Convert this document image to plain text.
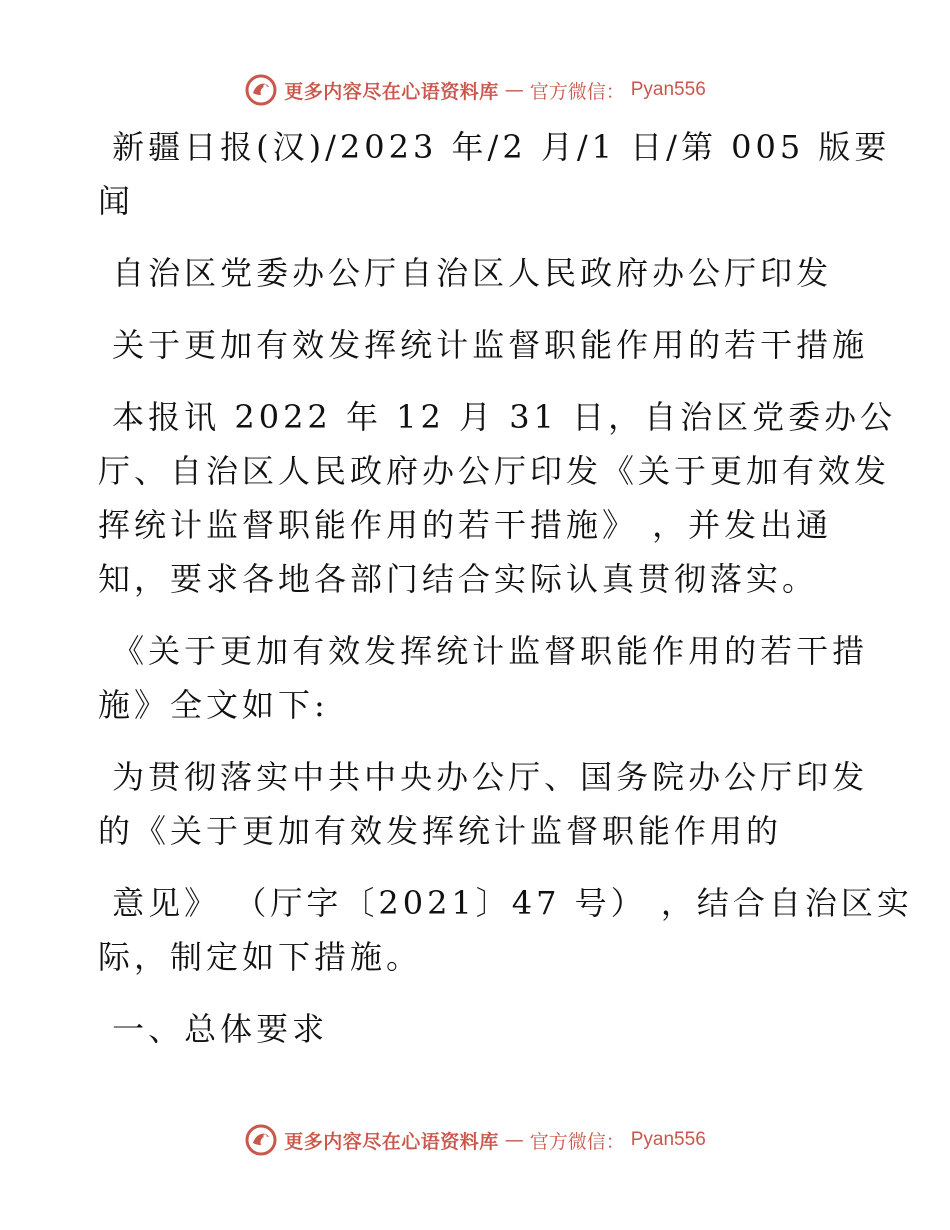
更多内容尽在心语资料库 — 官方微信： Pyan556

新疆日报(汉)/2023 年/2 月/1 日/第 005 版要

闻

自治区党委办公厅自治区人民政府办公厅印发

关于更加有效发挥统计监督职能作用的若干措施

本报讯 2022 年 12 月 31 日，自治区党委办公

厅、自治区人民政府办公厅印发《关于更加有效发

挥统计监督职能作用的若干措施》 ，并发出通

知，要求各地各部门结合实际认真贯彻落实。

《关于更加有效发挥统计监督职能作用的若干措

施》全文如下:

为贯彻落实中共中央办公厅、国务院办公厅印发

的《关于更加有效发挥统计监督职能作用的

意见》 （厅字〔2021〕47 号） ，结合自治区实

际，制定如下措施。

一、总体要求

更多内容尽在心语资料库 — 官方微信： Pyan556
